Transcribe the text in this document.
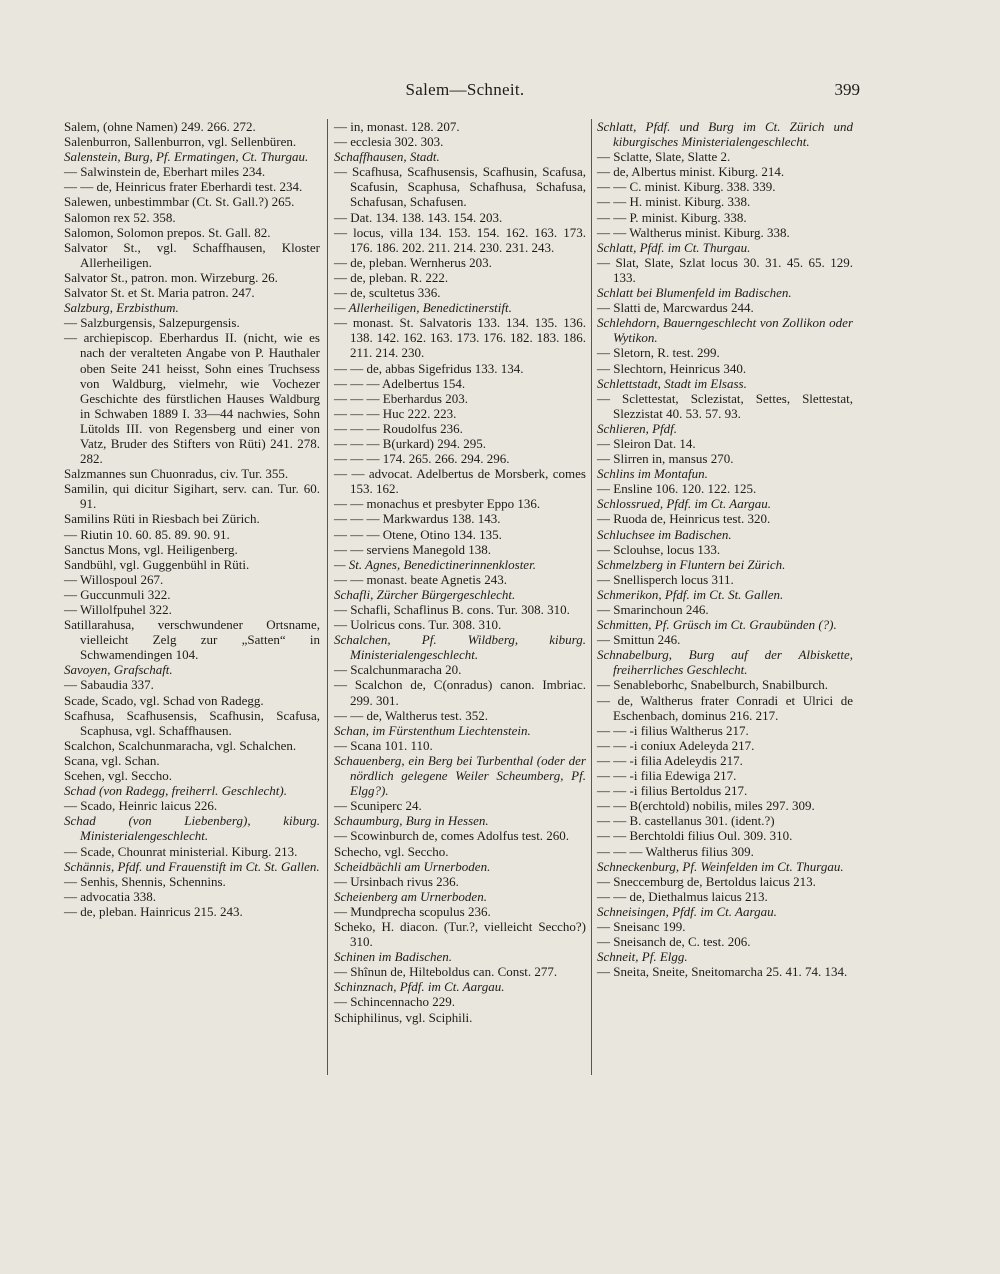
Salem—Schneit.	399

Salem, (ohne Namen) 249. 266. 272.

Salenburron, Sallenburron, vgl. Sellenbüren.

Salenstein, Burg, Pf. Ermatingen, Ct. Thurgau.

— Salwinstein de, Eberhart miles 234.

— — de, Heinricus frater Eberhardi test. 234.

Salewen, unbestimmbar (Ct. St. Gall.?) 265.

Salomon rex 52. 358.

Salomon, Solomon prepos. St. Gall. 82.

Salvator St., vgl. Schaffhausen, Kloster Allerheiligen.

Salvator St., patron. mon. Wirzeburg. 26.

Salvator St. et St. Maria patron. 247.

Salzburg, Erzbisthum.

— Salzburgensis, Salzepurgensis.

— archiepiscop. Eberhardus II. (nicht, wie es nach der veralteten Angabe von P. Hauthaler oben Seite 241 heisst, Sohn eines Truchsess von Waldburg, vielmehr, wie Vochezer Geschichte des fürstlichen Hauses Waldburg in Schwaben 1889 I. 33—44 nachwies, Sohn Lütolds III. von Regensberg und einer von Vatz, Bruder des Stifters von Rüti) 241. 278. 282.

Salzmannes sun Chuonradus, civ. Tur. 355.

Samilin, qui dicitur Sigihart, serv. can. Tur. 60. 91.

Samilins Rüti in Riesbach bei Zürich.

— Riutin 10. 60. 85. 89. 90. 91.

Sanctus Mons, vgl. Heiligenberg.

Sandbühl, vgl. Guggenbühl in Rüti.

— Willospoul 267.

— Guccunmuli 322.

— Willolfpuhel 322.

Satillarahusa, verschwundener Ortsname, vielleicht Zelg zur „Satten“ in Schwamendingen 104.

Savoyen, Grafschaft.

— Sabaudia 337.

Scade, Scado, vgl. Schad von Radegg.

Scafhusa, Scafhusensis, Scafhusin, Scafusa, Scaphusa, vgl. Schaffhausen.

Scalchon, Scalchunmaracha, vgl. Schalchen.

Scana, vgl. Schan.

Scehen, vgl. Seccho.

Schad (von Radegg, freiherrl. Geschlecht).

— Scado, Heinric laicus 226.

Schad (von Liebenberg), kiburg. Ministerialengeschlecht.

— Scade, Chounrat ministerial. Kiburg. 213.

Schännis, Pfdf. und Frauenstift im Ct. St. Gallen.

— Senhis, Shennis, Schennins.

— advocatia 338.

— de, pleban. Hainricus 215. 243.

— in, monast. 128. 207.

— ecclesia 302. 303.

Schaffhausen, Stadt.

— Scafhusa, Scafhusensis, Scafhusin, Scafusa, Scafusin, Scaphusa, Schafhusa, Schafusa, Schafusan, Schafusen.

— Dat. 134. 138. 143. 154. 203.

— locus, villa 134. 153. 154. 162. 163. 173. 176. 186. 202. 211. 214. 230. 231. 243.

— de, pleban. Wernherus 203.

— de, pleban. R. 222.

— de, scultetus 336.

— Allerheiligen, Benedictinerstift.

— monast. St. Salvatoris 133. 134. 135. 136. 138. 142. 162. 163. 173. 176. 182. 183. 186. 211. 214. 230.

— — de, abbas Sigefridus 133. 134.

— — — Adelbertus 154.

— — — Eberhardus 203.

— — — Huc 222. 223.

— — — Roudolfus 236.

— — — B(urkard) 294. 295.

— — — 174. 265. 266. 294. 296.

— — advocat. Adelbertus de Morsberk, comes 153. 162.

— — monachus et presbyter Eppo 136.

— — — Markwardus 138. 143.

— — — Otene, Otino 134. 135.

— — serviens Manegold 138.

— St. Agnes, Benedictinerinnenkloster.

— — monast. beate Agnetis 243.

Schafli, Zürcher Bürgergeschlecht.

— Schafli, Schaflinus B. cons. Tur. 308. 310.

— Uolricus cons. Tur. 308. 310.

Schalchen, Pf. Wildberg, kiburg. Ministerialengeschlecht.

— Scalchunmaracha 20.

— Scalchon de, C(onradus) canon. Imbriac. 299. 301.

— — de, Waltherus test. 352.

Schan, im Fürstenthum Liechtenstein.

— Scana 101. 110.

Schauenberg, ein Berg bei Turbenthal (oder der nördlich gelegene Weiler Scheumberg, Pf. Elgg?).

— Scuniperc 24.

Schaumburg, Burg in Hessen.

— Scowinburch de, comes Adolfus test. 260.

Schecho, vgl. Seccho.

Scheidbächli am Urnerboden.

— Ursinbach rivus 236.

Scheienberg am Urnerboden.

— Mundprecha scopulus 236.

Scheko, H. diacon. (Tur.?, vielleicht Seccho?) 310.

Schinen im Badischen.

— Shînun de, Hilteboldus can. Const. 277.

Schinznach, Pfdf. im Ct. Aargau.

— Schincennacho 229.

Schiphilinus, vgl. Sciphili.

Schlatt, Pfdf. und Burg im Ct. Zürich und kiburgisches Ministerialengeschlecht.

— Sclatte, Slate, Slatte 2.

— de, Albertus minist. Kiburg. 214.

— — C. minist. Kiburg. 338. 339.

— — H. minist. Kiburg. 338.

— — P. minist. Kiburg. 338.

— — Waltherus minist. Kiburg. 338.

Schlatt, Pfdf. im Ct. Thurgau.

— Slat, Slate, Szlat locus 30. 31. 45. 65. 129. 133.

Schlatt bei Blumenfeld im Badischen.

— Slatti de, Marcwardus 244.

Schlehdorn, Bauerngeschlecht von Zollikon oder Wytikon.

— Sletorn, R. test. 299.

— Slechtorn, Heinricus 340.

Schlettstadt, Stadt im Elsass.

— Sclettestat, Sclezistat, Settes, Slettestat, Slezzistat 40. 53. 57. 93.

Schlieren, Pfdf.

— Sleiron Dat. 14.

— Slirren in, mansus 270.

Schlins im Montafun.

— Ensline 106. 120. 122. 125.

Schlossrued, Pfdf. im Ct. Aargau.

— Ruoda de, Heinricus test. 320.

Schluchsee im Badischen.

— Sclouhse, locus 133.

Schmelzberg in Fluntern bei Zürich.

— Snellisperch locus 311.

Schmerikon, Pfdf. im Ct. St. Gallen.

— Smarinchoun 246.

Schmitten, Pf. Grüsch im Ct. Graubünden (?).

— Smittun 246.

Schnabelburg, Burg auf der Albiskette, freiherrliches Geschlecht.

— Senableborhc, Snabelburch, Snabilburch.

— de, Waltherus frater Conradi et Ulrici de Eschenbach, dominus 216. 217.

— — -i filius Waltherus 217.

— — -i coniux Adeleyda 217.

— — -i filia Adeleydis 217.

— — -i filia Edewiga 217.

— — -i filius Bertoldus 217.

— — B(erchtold) nobilis, miles 297. 309.

— — B. castellanus 301. (ident.?)

— — Berchtoldi filius Oul. 309. 310.

— — — Waltherus filius 309.

Schneckenburg, Pf. Weinfelden im Ct. Thurgau.

— Sneccemburg de, Bertoldus laicus 213.

— — de, Diethalmus laicus 213.

Schneisingen, Pfdf. im Ct. Aargau.

— Sneisanc 199.

— Sneisanch de, C. test. 206.

Schneit, Pf. Elgg.

— Sneita, Sneite, Sneitomarcha 25. 41. 74. 134.
